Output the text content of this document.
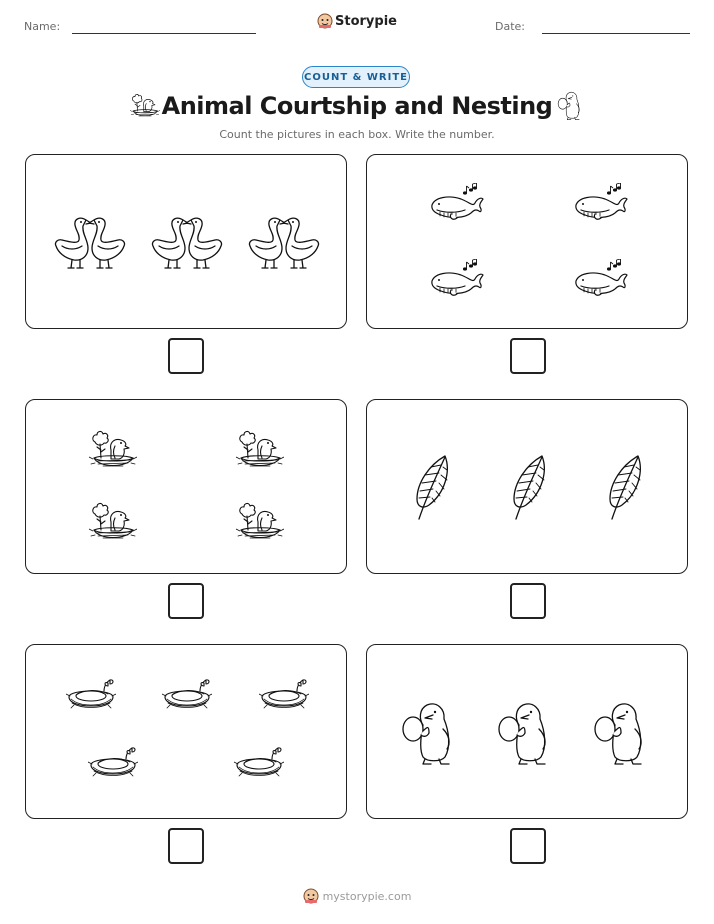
Name:	Storypie	Date:
COUNT & WRITE
Animal Courtship and Nesting
Count the pictures in each box. Write the number.
mystorypie.com
